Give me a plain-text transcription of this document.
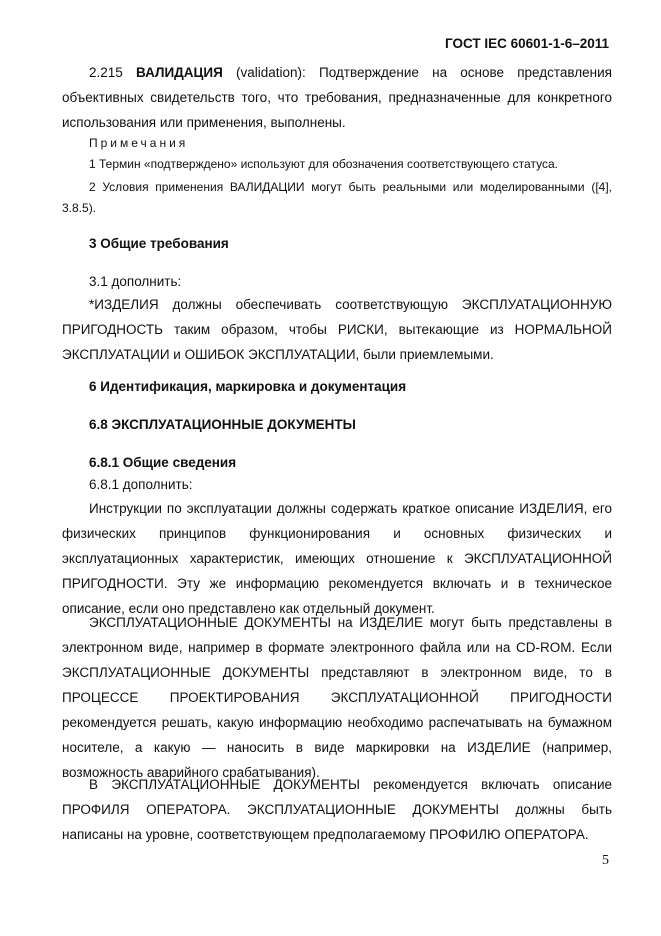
ГОСТ IEC 60601-1-6–2011
2.215 ВАЛИДАЦИЯ (validation): Подтверждение на основе представления объективных свидетельств того, что требования, предназначенные для конкретного использования или применения, выполнены.
Примечания
1 Термин «подтверждено» используют для обозначения соответствующего статуса.
2 Условия применения ВАЛИДАЦИИ могут быть реальными или моделированными ([4], 3.8.5).
3 Общие требования
3.1 дополнить:
*ИЗДЕЛИЯ должны обеспечивать соответствующую ЭКСПЛУАТАЦИОННУЮ ПРИГОДНОСТЬ таким образом, чтобы РИСКИ, вытекающие из НОРМАЛЬНОЙ ЭКСПЛУАТАЦИИ и ОШИБОК ЭКСПЛУАТАЦИИ, были приемлемыми.
6 Идентификация, маркировка и документация
6.8 ЭКСПЛУАТАЦИОННЫЕ ДОКУМЕНТЫ
6.8.1 Общие сведения
6.8.1 дополнить:
Инструкции по эксплуатации должны содержать краткое описание ИЗДЕЛИЯ, его физических принципов функционирования и основных физических и эксплуатационных характеристик, имеющих отношение к ЭКСПЛУАТАЦИОННОЙ ПРИГОДНОСТИ. Эту же информацию рекомендуется включать и в техническое описание, если оно представлено как отдельный документ.
ЭКСПЛУАТАЦИОННЫЕ ДОКУМЕНТЫ на ИЗДЕЛИЕ могут быть представлены в электронном виде, например в формате электронного файла или на CD-ROM. Если ЭКСПЛУАТАЦИОННЫЕ ДОКУМЕНТЫ представляют в электронном виде, то в ПРОЦЕССЕ ПРОЕКТИРОВАНИЯ ЭКСПЛУАТАЦИОННОЙ ПРИГОДНОСТИ рекомендуется решать, какую информацию необходимо распечатывать на бумажном носителе, а какую — наносить в виде маркировки на ИЗДЕЛИЕ (например, возможность аварийного срабатывания).
В ЭКСПЛУАТАЦИОННЫЕ ДОКУМЕНТЫ рекомендуется включать описание ПРОФИЛЯ ОПЕРАТОРА. ЭКСПЛУАТАЦИОННЫЕ ДОКУМЕНТЫ должны быть написаны на уровне, соответствующем предполагаемому ПРОФИЛЮ ОПЕРАТОРА.
5
